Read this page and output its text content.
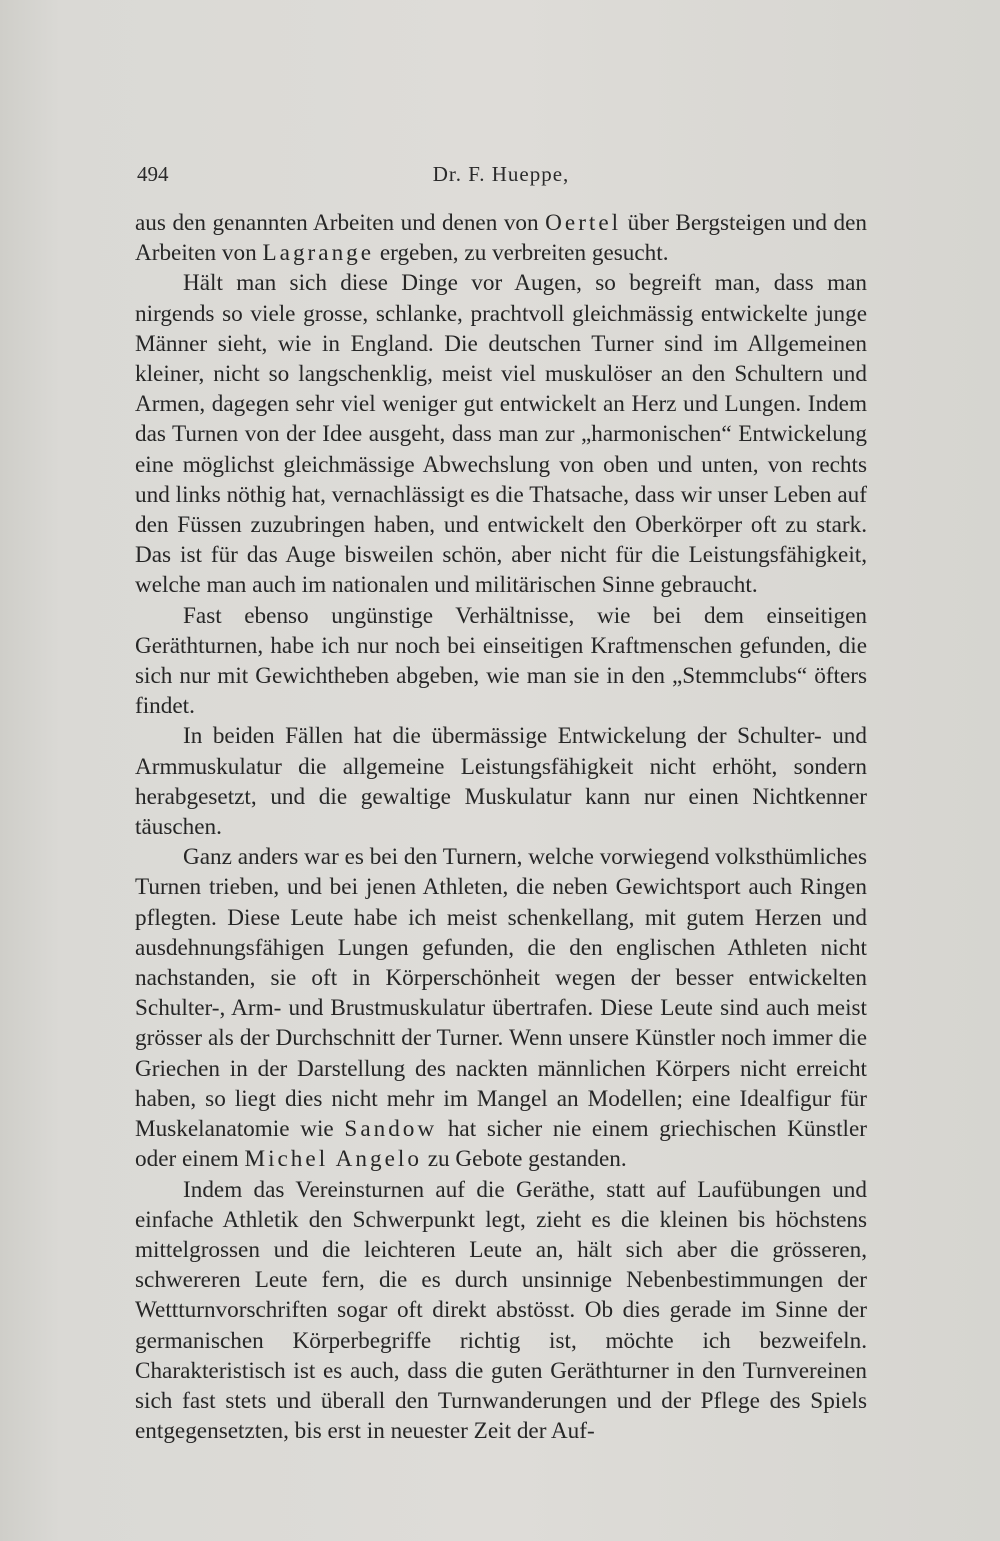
494	Dr. F. Hueppe,

aus den genannten Arbeiten und denen von Oertel über Bergsteigen und den Arbeiten von Lagrange ergeben, zu verbreiten gesucht.

Hält man sich diese Dinge vor Augen, so begreift man, dass man nirgends so viele grosse, schlanke, prachtvoll gleichmässig entwickelte junge Männer sieht, wie in England. Die deutschen Turner sind im Allgemeinen kleiner, nicht so langschenklig, meist viel muskulöser an den Schultern und Armen, dagegen sehr viel weniger gut entwickelt an Herz und Lungen. Indem das Turnen von der Idee ausgeht, dass man zur „harmonischen“ Entwickelung eine möglichst gleichmässige Abwechslung von oben und unten, von rechts und links nöthig hat, vernachlässigt es die Thatsache, dass wir unser Leben auf den Füssen zuzubringen haben, und entwickelt den Oberkörper oft zu stark. Das ist für das Auge bisweilen schön, aber nicht für die Leistungsfähigkeit, welche man auch im nationalen und militärischen Sinne gebraucht.

Fast ebenso ungünstige Verhältnisse, wie bei dem einseitigen Geräthturnen, habe ich nur noch bei einseitigen Kraftmenschen gefunden, die sich nur mit Gewichtheben abgeben, wie man sie in den „Stemmclubs“ öfters findet.

In beiden Fällen hat die übermässige Entwickelung der Schulter- und Armmuskulatur die allgemeine Leistungsfähigkeit nicht erhöht, sondern herabgesetzt, und die gewaltige Muskulatur kann nur einen Nichtkenner täuschen.

Ganz anders war es bei den Turnern, welche vorwiegend volksthümliches Turnen trieben, und bei jenen Athleten, die neben Gewichtsport auch Ringen pflegten. Diese Leute habe ich meist schenkellang, mit gutem Herzen und ausdehnungsfähigen Lungen gefunden, die den englischen Athleten nicht nachstanden, sie oft in Körperschönheit wegen der besser entwickelten Schulter-, Arm- und Brustmuskulatur übertrafen. Diese Leute sind auch meist grösser als der Durchschnitt der Turner. Wenn unsere Künstler noch immer die Griechen in der Darstellung des nackten männlichen Körpers nicht erreicht haben, so liegt dies nicht mehr im Mangel an Modellen; eine Idealfigur für Muskelanatomie wie Sandow hat sicher nie einem griechischen Künstler oder einem Michel Angelo zu Gebote gestanden.

Indem das Vereinsturnen auf die Geräthe, statt auf Laufübungen und einfache Athletik den Schwerpunkt legt, zieht es die kleinen bis höchstens mittelgrossen und die leichteren Leute an, hält sich aber die grösseren, schwereren Leute fern, die es durch unsinnige Nebenbestimmungen der Wettturnvorschriften sogar oft direkt abstösst. Ob dies gerade im Sinne der germanischen Körperbegriffe richtig ist, möchte ich bezweifeln. Charakteristisch ist es auch, dass die guten Geräthturner in den Turnvereinen sich fast stets und überall den Turnwanderungen und der Pflege des Spiels entgegensetzten, bis erst in neuester Zeit der Auf-
